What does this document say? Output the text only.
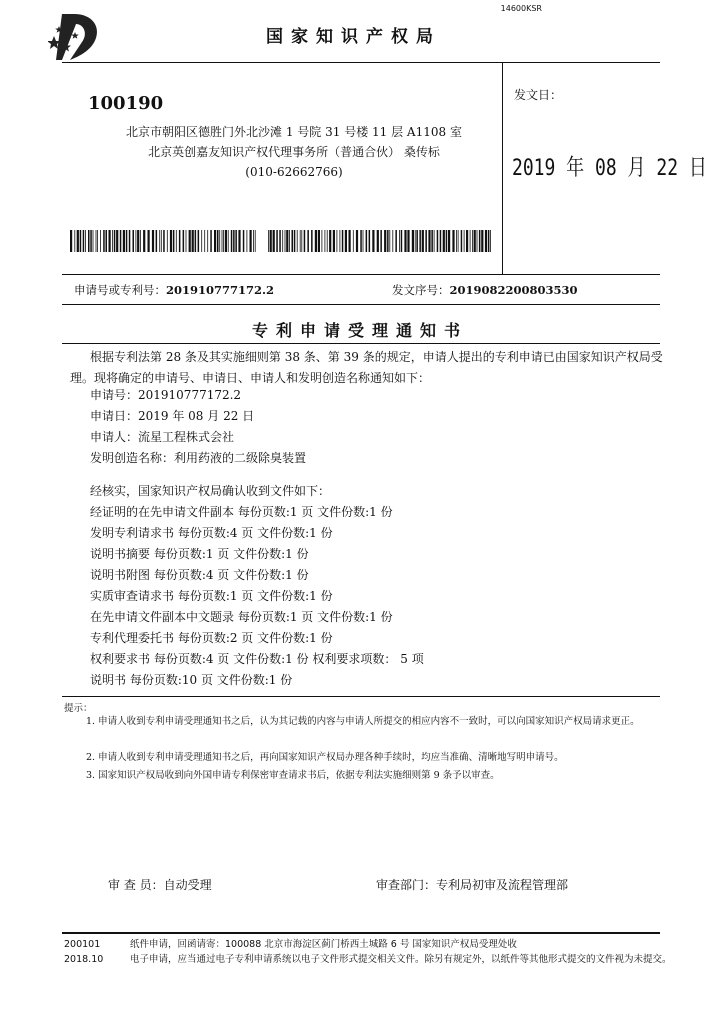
14600KSR
国家知识产权局
100190
北京市朝阳区德胜门外北沙滩 1 号院 31 号楼 11 层 A1108 室
北京英创嘉友知识产权代理事务所（普通合伙） 桑传标
(010-62662766)
发文日：
2019 年 08 月 22 日
申请号或专利号：201910777172.2	发文序号：2019082200803530
专利申请受理通知书
根据专利法第 28 条及其实施细则第 38 条、第 39 条的规定，申请人提出的专利申请已由国家知识产权局受理。现将确定的申请号、申请日、申请人和发明创造名称通知如下：
申请号：201910777172.2
申请日：2019 年 08 月 22 日
申请人：流星工程株式会社
发明创造名称：利用药液的二级除臭装置
经核实，国家知识产权局确认收到文件如下：
经证明的在先申请文件副本 每份页数:1 页 文件份数:1 份
发明专利请求书 每份页数:4 页 文件份数:1 份
说明书摘要 每份页数:1 页 文件份数:1 份
说明书附图 每份页数:4 页 文件份数:1 份
实质审查请求书 每份页数:1 页 文件份数:1 份
在先申请文件副本中文题录 每份页数:1 页 文件份数:1 份
专利代理委托书 每份页数:2 页 文件份数:1 份
权利要求书 每份页数:4 页 文件份数:1 份 权利要求项数： 5 项
说明书 每份页数:10 页 文件份数:1 份
提示：
1. 申请人收到专利申请受理通知书之后，认为其记载的内容与申请人所提交的相应内容不一致时，可以向国家知识产权局请求更正。
2. 申请人收到专利申请受理通知书之后，再向国家知识产权局办理各种手续时，均应当准确、清晰地写明申请号。
3. 国家知识产权局收到向外国申请专利保密审查请求书后，依据专利法实施细则第 9 条予以审查。
审 查 员：自动受理	审查部门：专利局初审及流程管理部
200101
2018.10
纸件申请，回函请寄：100088 北京市海淀区蓟门桥西土城路 6 号 国家知识产权局受理处收
电子申请，应当通过电子专利申请系统以电子文件形式提交相关文件。除另有规定外，以纸件等其他形式提交的文件视为未提交。
